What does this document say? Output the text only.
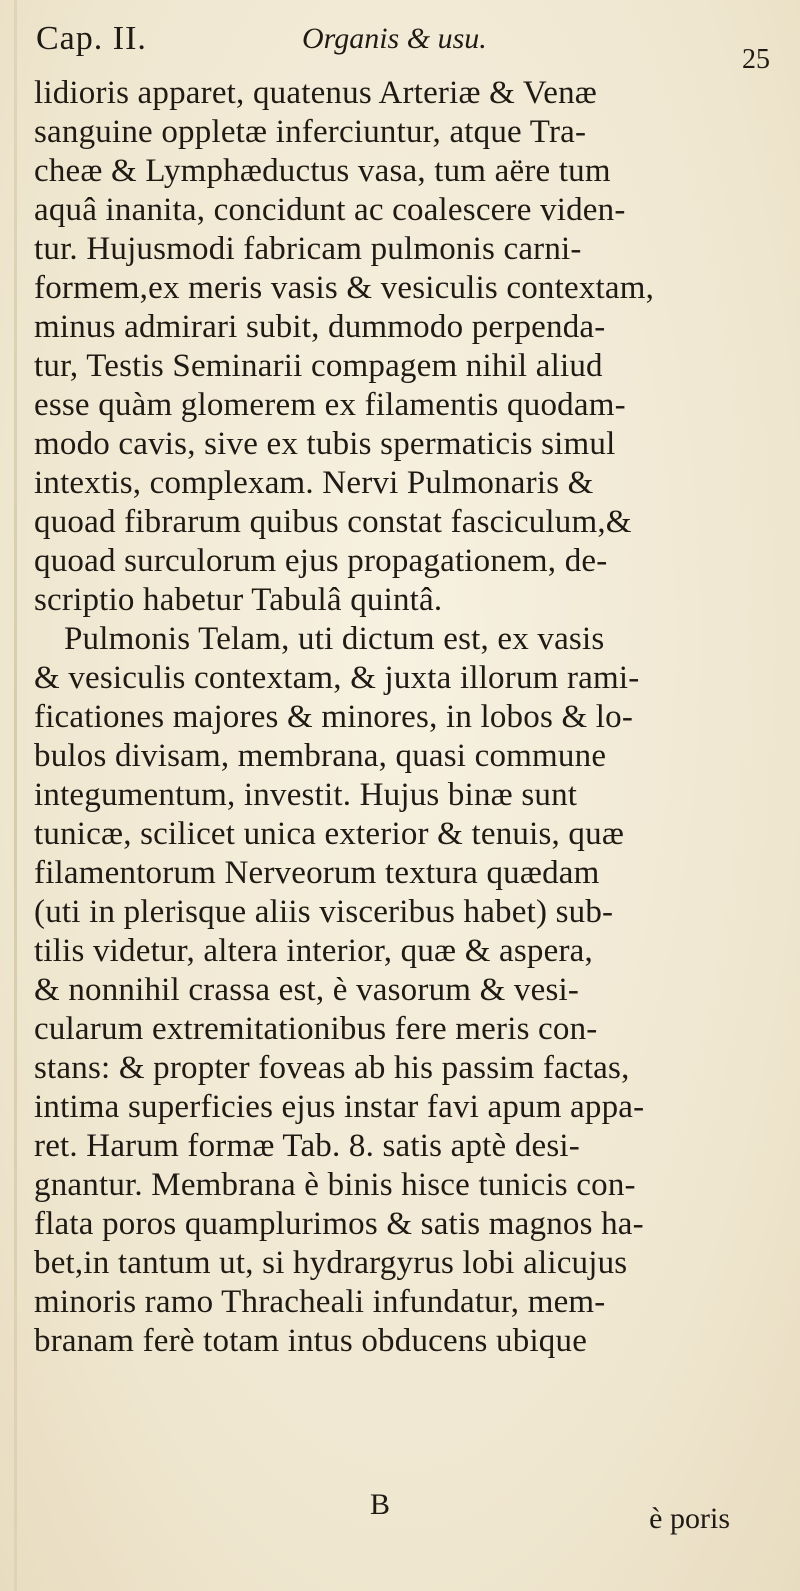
Cap. II.	Organis & usu.
25
lidioris apparet, quatenus Arteriæ & Venæ
sanguine oppletæ inferciuntur, atque Tra-
cheæ & Lymphæductus vasa, tum aëre tum
aquâ inanita, concidunt ac coalescere viden-
tur. Hujusmodi fabricam pulmonis carni-
formem,ex meris vasis & vesiculis contextam,
minus admirari subit, dummodo perpenda-
tur, Testis Seminarii compagem nihil aliud
esse quàm glomerem ex filamentis quodam-
modo cavis, sive ex tubis spermaticis simul
intextis, complexam. Nervi Pulmonaris &
quoad fibrarum quibus constat fasciculum,&
quoad surculorum ejus propagationem, de-
scriptio habetur Tabulâ quintâ.
Pulmonis Telam, uti dictum est, ex vasis
& vesiculis contextam, & juxta illorum rami-
ficationes majores & minores, in lobos & lo-
bulos divisam, membrana, quasi commune
integumentum, investit. Hujus binæ sunt
tunicæ, scilicet unica exterior & tenuis, quæ
filamentorum Nerveorum textura quædam
(uti in plerisque aliis visceribus habet) sub-
tilis videtur, altera interior, quæ & aspera,
& nonnihil crassa est, è vasorum & vesi-
cularum extremitationibus fere meris con-
stans: & propter foveas ab his passim factas,
intima superficies ejus instar favi apum appa-
ret. Harum formæ Tab. 8. satis aptè desi-
gnantur. Membrana è binis hisce tunicis con-
flata poros quamplurimos & satis magnos ha-
bet,in tantum ut, si hydrargyrus lobi alicujus
minoris ramo Thracheali infundatur, mem-
branam ferè totam intus obducens ubique
B	è poris
